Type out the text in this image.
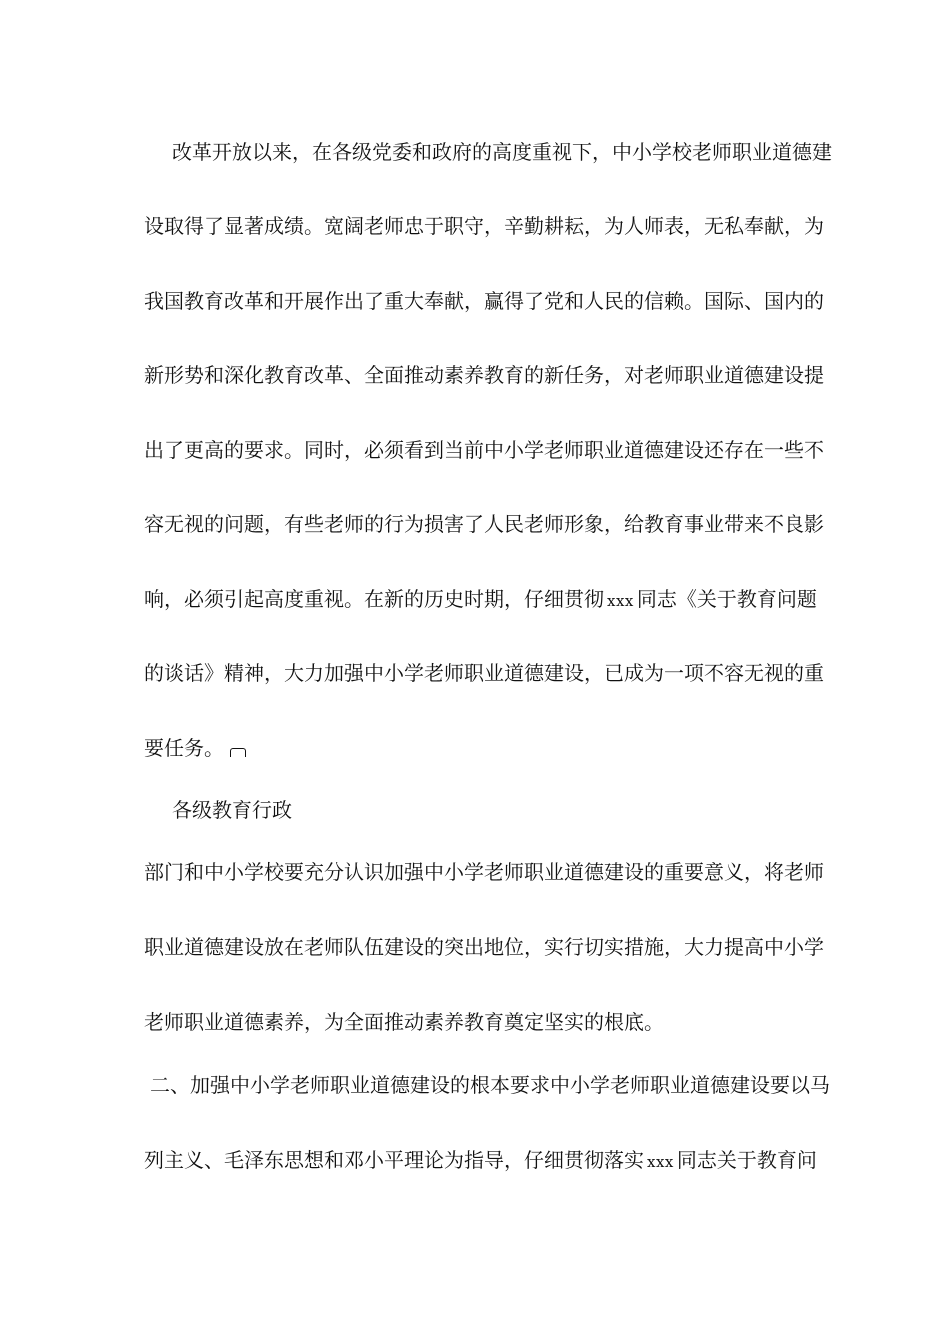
改革开放以来，在各级党委和政府的高度重视下，中小学校老师职业道德建
设取得了显著成绩。宽阔老师忠于职守，辛勤耕耘，为人师表，无私奉献，为
我国教育改革和开展作出了重大奉献，赢得了党和人民的信赖。国际、国内的
新形势和深化教育改革、全面推动素养教育的新任务，对老师职业道德建设提
出了更高的要求。同时，必须看到当前中小学老师职业道德建设还存在一些不
容无视的问题，有些老师的行为损害了人民老师形象，给教育事业带来不良影
响，必须引起高度重视。在新的历史时期，仔细贯彻 xxx 同志《关于教育问题
的谈话》精神，大力加强中小学老师职业道德建设，已成为一项不容无视的重
要任务。
各级教育行政
部门和中小学校要充分认识加强中小学老师职业道德建设的重要意义，将老师
职业道德建设放在老师队伍建设的突出地位，实行切实措施，大力提高中小学
老师职业道德素养，为全面推动素养教育奠定坚实的根底。
二、加强中小学老师职业道德建设的根本要求中小学老师职业道德建设要以马
列主义、毛泽东思想和邓小平理论为指导，仔细贯彻落实 xxx 同志关于教育问
